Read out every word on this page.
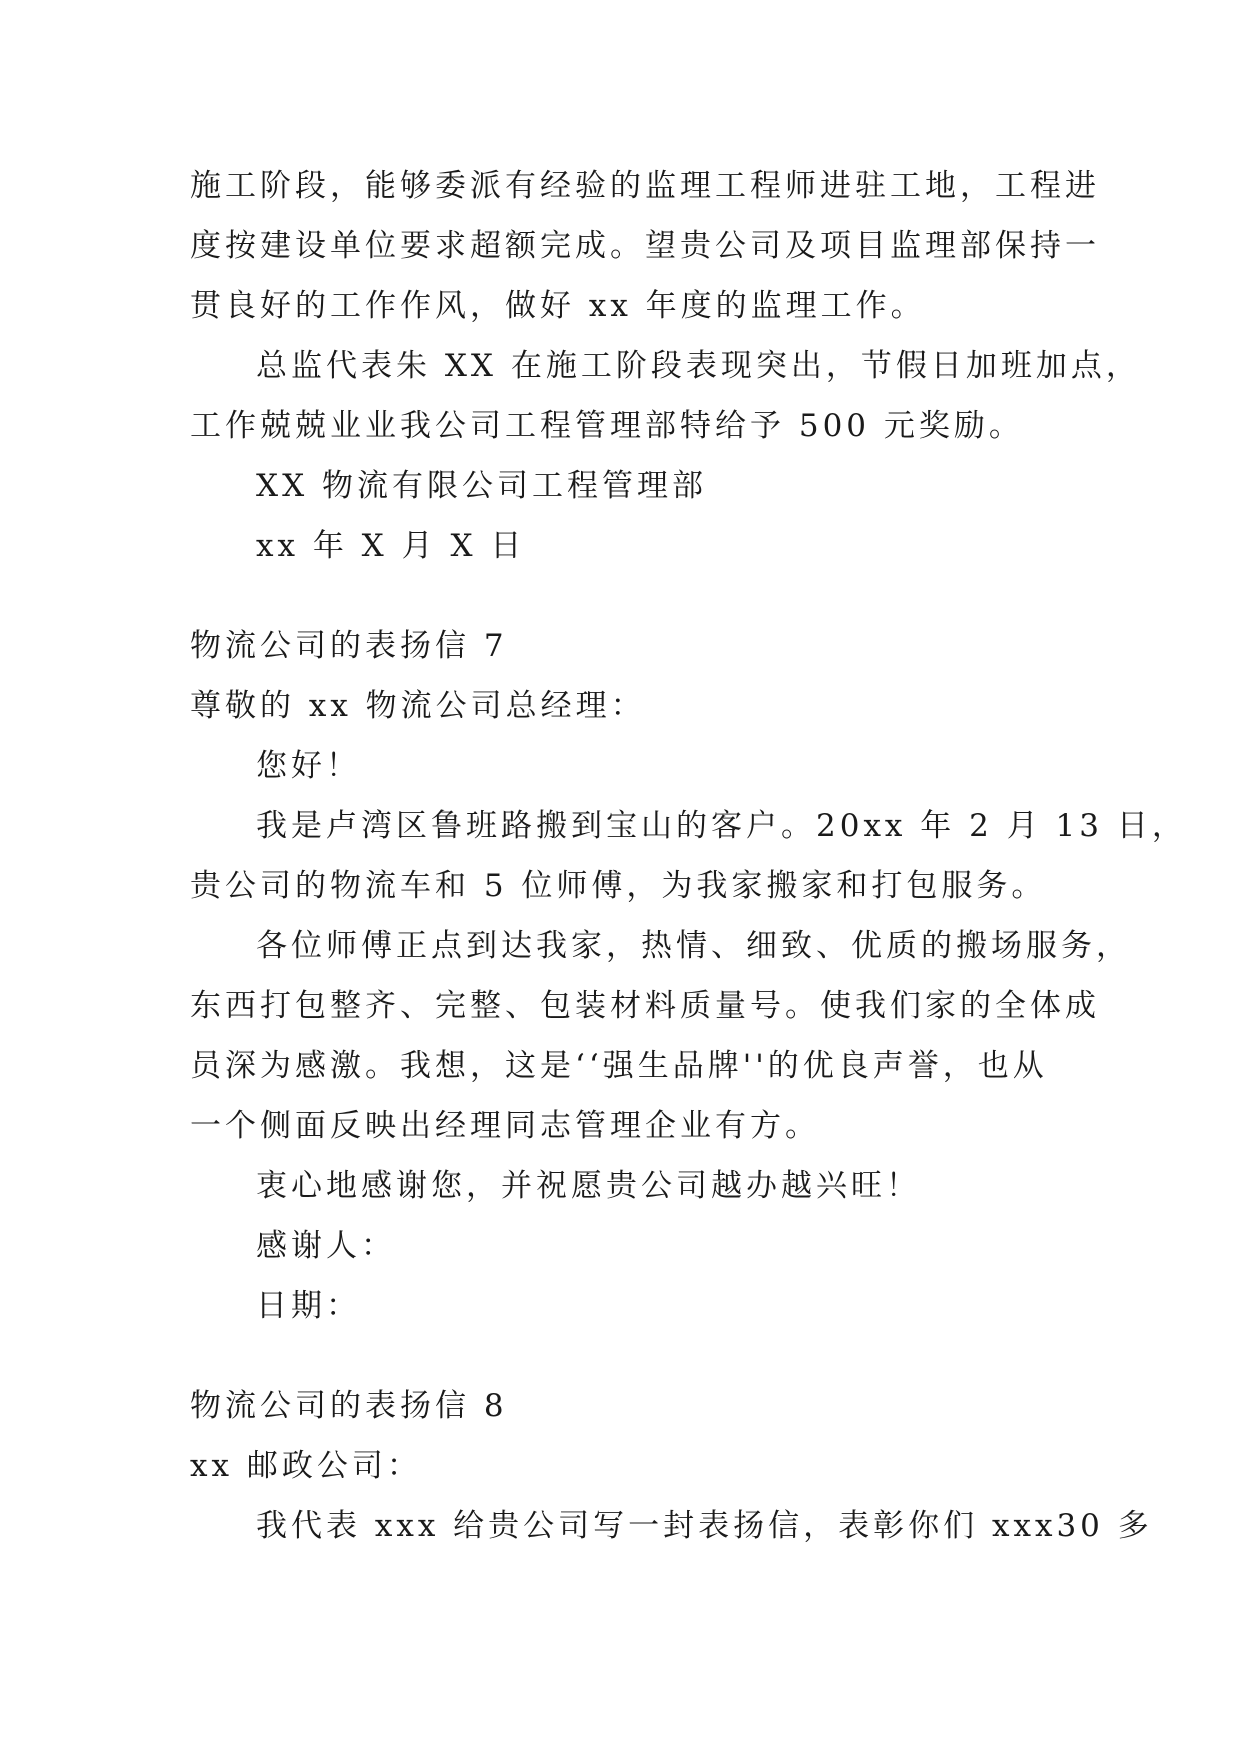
施工阶段，能够委派有经验的监理工程师进驻工地，工程进
度按建设单位要求超额完成。望贵公司及项目监理部保持一
贯良好的工作作风，做好 xx 年度的监理工作。
总监代表朱 XX 在施工阶段表现突出，节假日加班加点，
工作兢兢业业我公司工程管理部特给予 500 元奖励。
XX 物流有限公司工程管理部
xx 年 X 月 X 日
物流公司的表扬信 7
尊敬的 xx 物流公司总经理：
您好！
我是卢湾区鲁班路搬到宝山的客户。20xx 年 2 月 13 日，
贵公司的物流车和 5 位师傅，为我家搬家和打包服务。
各位师傅正点到达我家，热情、细致、优质的搬场服务，
东西打包整齐、完整、包装材料质量号。使我们家的全体成
员深为感激。我想，这是‘‘强生品牌''的优良声誉，也从
一个侧面反映出经理同志管理企业有方。
衷心地感谢您，并祝愿贵公司越办越兴旺！
感谢人：
日期：
物流公司的表扬信 8
xx 邮政公司：
我代表 xxx 给贵公司写一封表扬信，表彰你们 xxx30 多
